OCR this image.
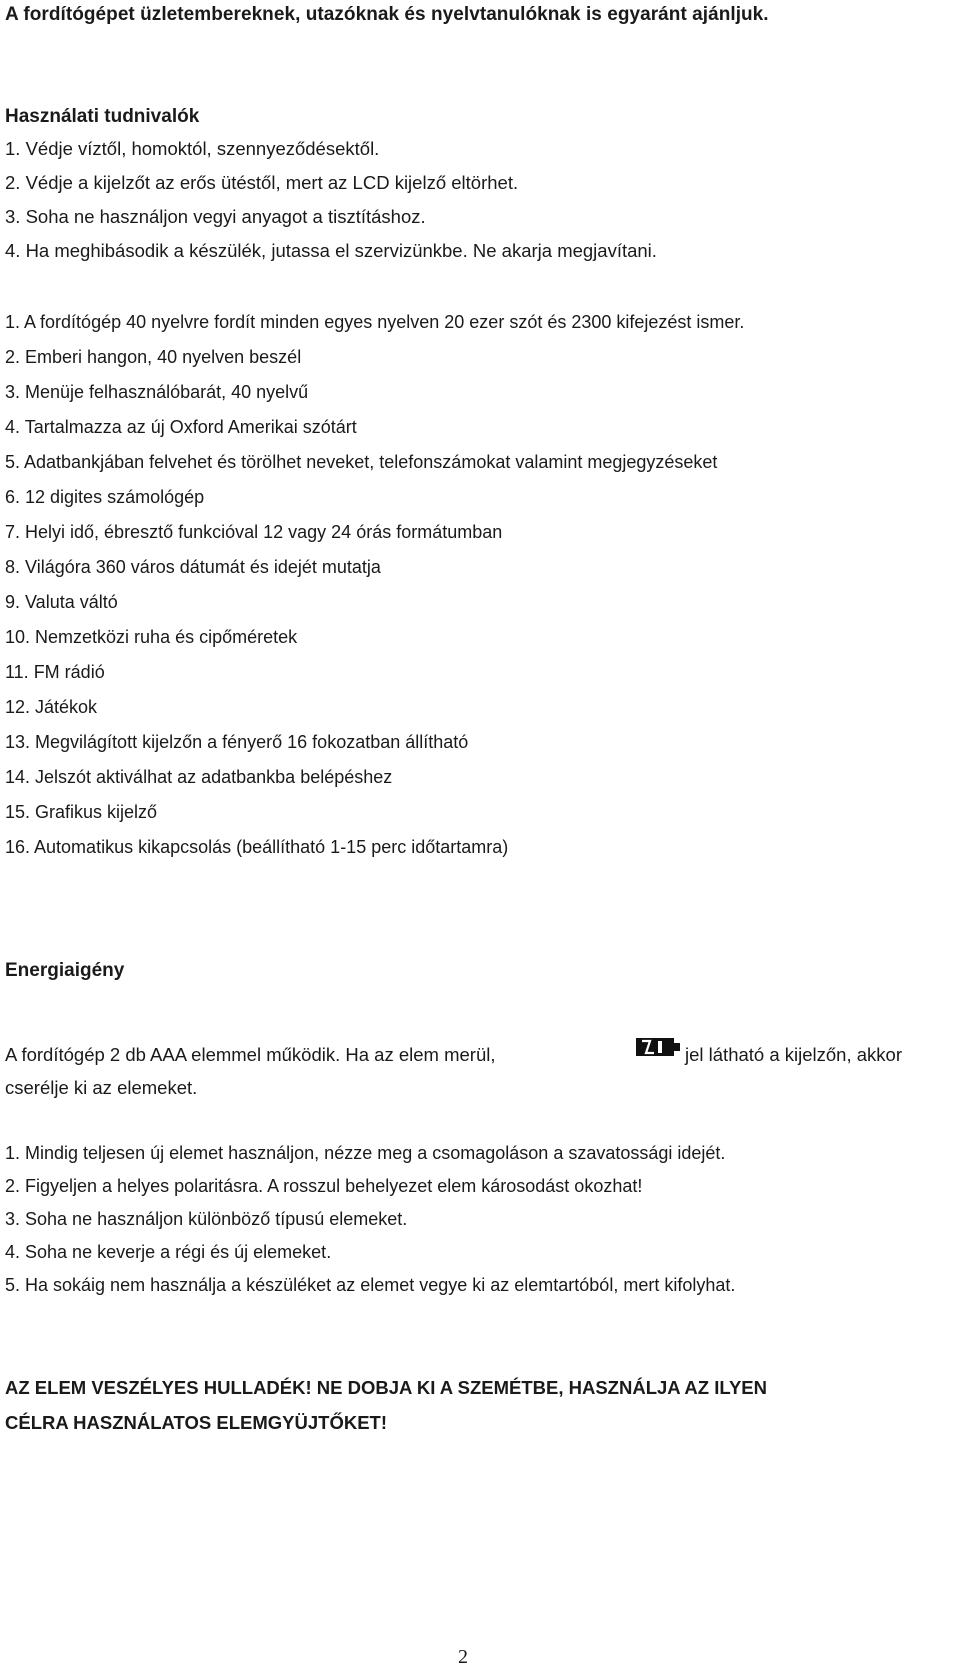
A fordítógépet üzletembereknek, utazóknak és nyelvtanulóknak is egyaránt ajánljuk.
Használati tudnivalók
1. Védje víztől, homoktól, szennyeződésektől.
2. Védje a kijelzőt az erős ütéstől, mert az LCD kijelző eltörhet.
3. Soha ne használjon vegyi anyagot a tisztításhoz.
4. Ha meghibásodik a készülék, jutassa el szervizünkbe. Ne akarja megjavítani.
1. A fordítógép 40 nyelvre fordít minden egyes nyelven 20 ezer szót és 2300 kifejezést ismer.
2. Emberi hangon, 40 nyelven beszél
3. Menüje felhasználóbarát, 40 nyelvű
4. Tartalmazza az új Oxford Amerikai szótárt
5. Adatbankjában felvehet és törölhet neveket, telefonszámokat valamint megjegyzéseket
6. 12 digites számológép
7. Helyi idő, ébresztő funkcióval 12 vagy 24 órás formátumban
8. Világóra 360 város dátumát és idejét mutatja
9. Valuta váltó
10. Nemzetközi ruha és cipőméretek
11. FM rádió
12. Játékok
13. Megvilágított kijelzőn a fényerő 16 fokozatban állítható
14. Jelszót aktiválhat az adatbankba belépéshez
15. Grafikus kijelző
16. Automatikus kikapcsolás (beállítható 1-15 perc időtartamra)
Energiaigény
A fordítógép 2 db AAA elemmel működik. Ha az elem merül,	jel látható a kijelzőn, akkor
cserélje ki az elemeket.
1. Mindig teljesen új elemet használjon, nézze meg a csomagoláson a szavatossági idejét.
2. Figyeljen a helyes polaritásra. A rosszul behelyezet elem károsodást okozhat!
3. Soha ne használjon különböző típusú elemeket.
4. Soha ne keverje a régi és új elemeket.
5. Ha sokáig nem használja a készüléket az elemet vegye ki az elemtartóból, mert kifolyhat.
AZ ELEM VESZÉLYES HULLADÉK! NE DOBJA KI A SZEMÉTBE, HASZNÁLJA AZ ILYEN
CÉLRA HASZNÁLATOS ELEMGYÜJTŐKET!
2
